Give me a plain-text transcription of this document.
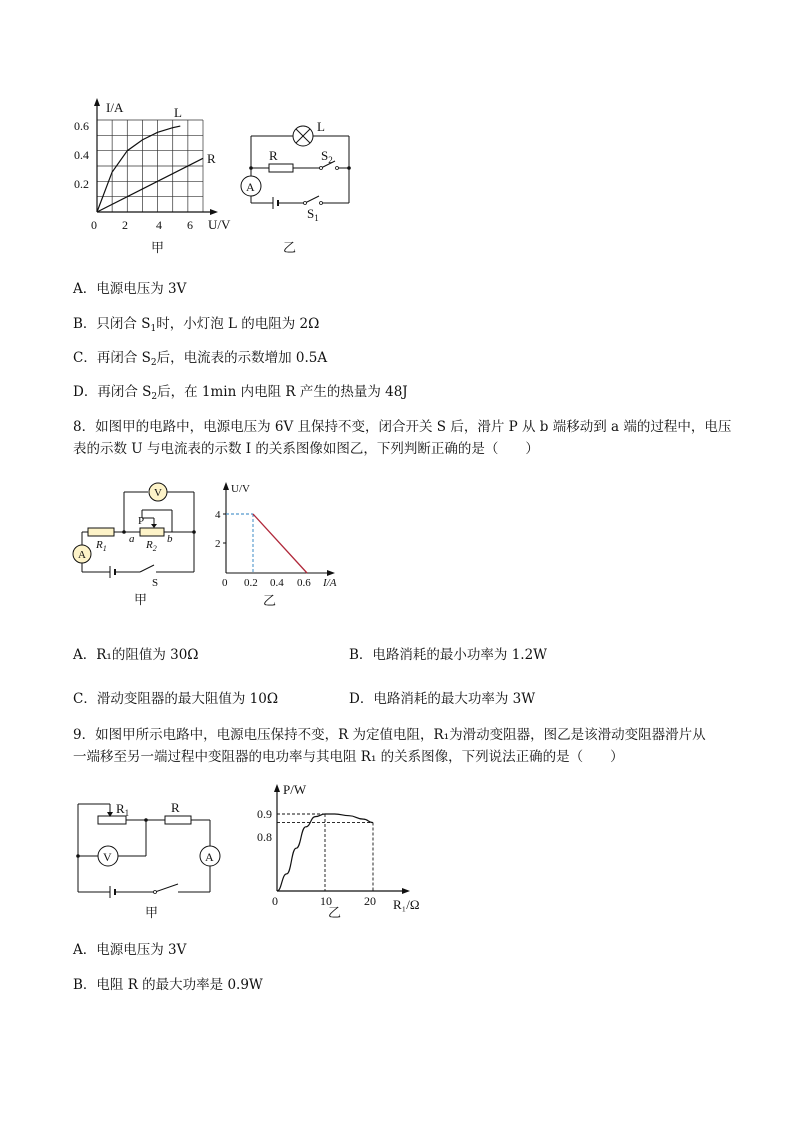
I/A
U/V
0.6
0.4
0.2
0 2 4 6
L
R
甲
L
R	$S_2$
$S_1$
A
乙
A．电源电压为 3V
B．只闭合 $S_1$时，小灯泡 L 的电阻为 2Ω
C．再闭合 $S_2$后，电流表的示数增加 0.5A
D．再闭合 $S_2$后，在 1min 内电阻 R 产生的热量为 48J
8．如图甲的电路中，电源电压为 6V 且保持不变，闭合开关 S 后，滑片 P 从 b 端移动到 a 端的过程中，电压
表的示数 U 与电流表的示数 I 的关系图像如图乙，下列判断正确的是（　　）
V
A
$R_1$	$R_2$
P
a	b
S
甲
U/V
I/A
4
2
0 0.2 0.4 0.6
乙
A．R₁的阻值为 30Ω	B．电路消耗的最小功率为 1.2W
C．滑动变阻器的最大阻值为 10Ω	D．电路消耗的最大功率为 3W
9．如图甲所示电路中，电源电压保持不变，R 为定值电阻，R₁为滑动变阻器，图乙是该滑动变阻器滑片从
一端移至另一端过程中变阻器的电功率与其电阻 R₁ 的关系图像，下列说法正确的是（　　）
$R_1$	R
V	A
甲
P/W
R₁/Ω
0.9
0.8
0	10	20
乙
A．电源电压为 3V
B．电阻 R 的最大功率是 0.9W
